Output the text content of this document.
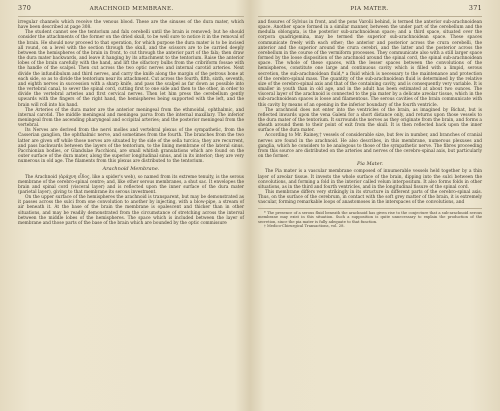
370	ARACHNOID MEMBRANE.

irregular channels which receive the venous blood. These are the sinuses of the dura mater, which have been described at page 308.

The student cannot see the tentorium and falx cerebelli until the brain is removed; but he should consider the attachments of the former on the dried skull, to be well sure to notice it in the removal of the brain. He should now proceed to that operation, for which purpose the dura mater is to be incised all round, on a level with the section through the skull, and the scissors are to be carried deeply between the hemispheres of the brain in front, to cut through the anterior part of the falx; then draw the dura mater backwards, and leave it hanging by its attachment to the tentorium. Raise the anterior lobes of the brain carefully with the hand, and lift the olfactory bulbs from the cribriform fossae with the handle of the scalpel. Then cut across the two optic nerves and internal carotid arteries. Next divide the infundibulum and third nerves, and carry the knife along the margin of the petrous bone at each side, so as to divide the tentorium near its attachment. Cut across the fourth, fifth, sixth, seventh, and eighth nerves in succession with a sharp knife, and pass the scalpel as far down as possible into the vertebral canal, to sever the spinal cord, cutting first to one side and then to the other, in order to divide the vertebral arteries and first cervical nerves. Then let him press the cerebellum gently upwards with the fingers of the right hand, the hemispheres being supported with the left, and the brain will roll into his hand.

The Arteries of the dura mater are the anterior meningeal from the ethmoidal, ophthalmic, and internal carotid. The middle meningeal and meningea parva from the internal maxillary. The inferior meningeal from the ascending pharyngeal and occipital arteries; and the posterior meningeal from the vertebral.

Its Nerves are derived from the nervi molles and vertebral plexus of the sympathetic, from the Casserian ganglion, the ophthalmic nerve, and sometimes from the fourth. The branches from the two latter are given off while those nerves are situated by the side of the sella turcica; they are recurrent, and pass backwards between the layers of the tentorium, to the lining membrane of the lateral sinus. Pacchionian bodies, or Glandulae Pacchioni, are small whitish granulations which are found on the outer surface of the dura mater, along the superior longitudinal sinus, and in its interior; they are very numerous in old age. The filaments from this plexus are distributed to the tentorium.

Arachnoid Membrane.

The Arachnoid (ἀράχνη εἶδος, like a spider's web), so named from its extreme tenuity, is the serous membrane of the cerebro-spinal centre; and, like other serous membranes, a shut sac. It envelopes the brain and spinal cord (visceral layer) and is reflected upon the inner surface of the dura mater (parietal layer), giving to that membrane its serous investment.

On the upper surface of the hemispheres the arachnoid is transparent, but may be demonstrated as it passes across the sulci from one convolution to another by injecting, with a blow-pipe, a stream of air beneath it. At the base of the brain the membrane is opalescent and thicker than in other situations, and may be readily demonstrated from the circumstance of stretching across the interval between the middle lobes of the hemispheres. The space which is included between the layer of membrane and those parts of the base of the brain which are bounded by the optic commissure

PIA MATER.	371

and fissures of Sylvius in front, and the pons Varolii behind, is termed the anterior sub-arachnoidean space. Another space formed in a similar manner, between the under part of the cerebellum and the medulla oblongata, is the posterior sub-arachnoidean space; and a third space, situated over the corpora quadrigemina, may be termed the superior sub-arachnoidean space. These spaces communicate freely with each other; the anterior and posterior across the crura cerebelli, the anterior and the superior around the crura cerebri, and the latter and the posterior across the cerebellum in the course of the vermiform processes. They communicate also with a still larger space formed by the loose disposition of the arachnoid around the spinal cord, the spinal sub-arachnoidean space. The whole of these spaces, with the lesser spaces between the convolutions of the hemispheres, constitute one large and continuous cavity which is filled with a limpid, serous secretion, the sub-arachnoidean fluid,* a fluid which is necessary to the maintenance and protection of the cerebro-spinal mass. The quantity of the sub-arachnoidean fluid is determined by the relative size of the cerebro-spinal axis and that of the containing cavity, and is consequently very variable. It is smaller in youth than in old age, and in the adult has been estimated at about two ounces. The visceral layer of the arachnoid is connected to the pia mater by a delicate areolar tissue, which in the sub-arachnoidean spaces is loose and filamentous. The serous cavities of the brain communicate with this cavity by means of an opening in the inferior boundary of the fourth ventricle.

The arachnoid does not enter into the ventricles of the brain, as imagined by Bichat, but is reflected inwards upon the vena Galeni for a short distance only, and returns upon those vessels to the dura mater of the tentorium. It surrounds the nerves as they originate from the brain, and forms a sheath around them to their point of exit from the skull. It is then reflected back upon the inner surface of the dura mater.

According to Mr. Rainey,† vessels of considerable size, but few in number, and branches of cranial nerves are found in the arachnoid. He also describes, in this membrane, numerous plexuses and ganglia, which he considers to be analogous to those of the sympathetic nerve. The fibres proceeding from this source are distributed on the arteries and nerves of the cerebro-spinal axis, but particularly on the former.

Pia Mater.

The Pia mater is a vascular membrane composed of innumerable vessels held together by a thin layer of areolar tissue. It invests the whole surface of the brain, dipping into the sulci between the convolutions, and forming a fold in the interior called velum interpositum. It also forms folds in other situations, as in the third and fourth ventricles, and in the longitudinal fissure of the spinal cord.

This membrane differs very strikingly in its structure in different parts of the cerebro-spinal axis. Thus, on the surface of the cerebrum, in contact with the soft grey matter of the brain, it is extremely vascular, forming remarkable loops of anastomoses in the interspaces of the convolutions, and

* The presence of a serous fluid beneath the arachnoid has given rise to the conjecture that a sub-arachnoid serous membrane may exist in this situation. Such a supposition is quite unnecessary to explain the production of the secretion, since the pia mater is fully adequate to that function.

† Medico-Chirurgical Transactions, vol. 28.
